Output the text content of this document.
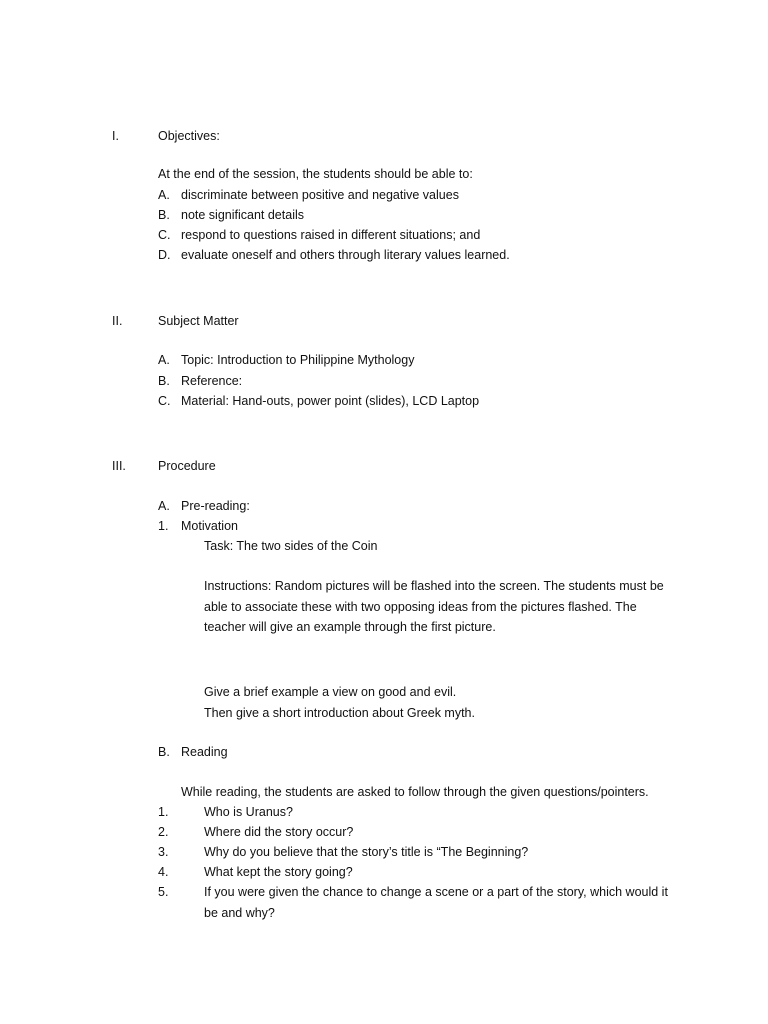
I.	Objectives:
At the end of the session, the students should be able to:
A. discriminate between positive and negative values
B. note significant details
C. respond to questions raised in different situations; and
D. evaluate oneself and others through literary values learned.
II.	Subject Matter
A. Topic: Introduction to Philippine Mythology
B. Reference:
C. Material: Hand-outs, power point (slides), LCD Laptop
III.	Procedure
A. Pre-reading:
1. Motivation
Task: The two sides of the Coin
Instructions: Random pictures will be flashed into the screen. The students must be
able to associate these with two opposing ideas from the pictures flashed. The
teacher will give an example through the first picture.
Give a brief example a view on good and evil.
Then give a short introduction about Greek myth.
B. Reading
While reading, the students are asked to follow through the given questions/pointers.
1.	Who is Uranus?
2.	Where did the story occur?
3.	Why do you believe that the story’s title is “The Beginning?
4.	What kept the story going?
5.	If you were given the chance to change a scene or a part of the story, which would it
be and why?
